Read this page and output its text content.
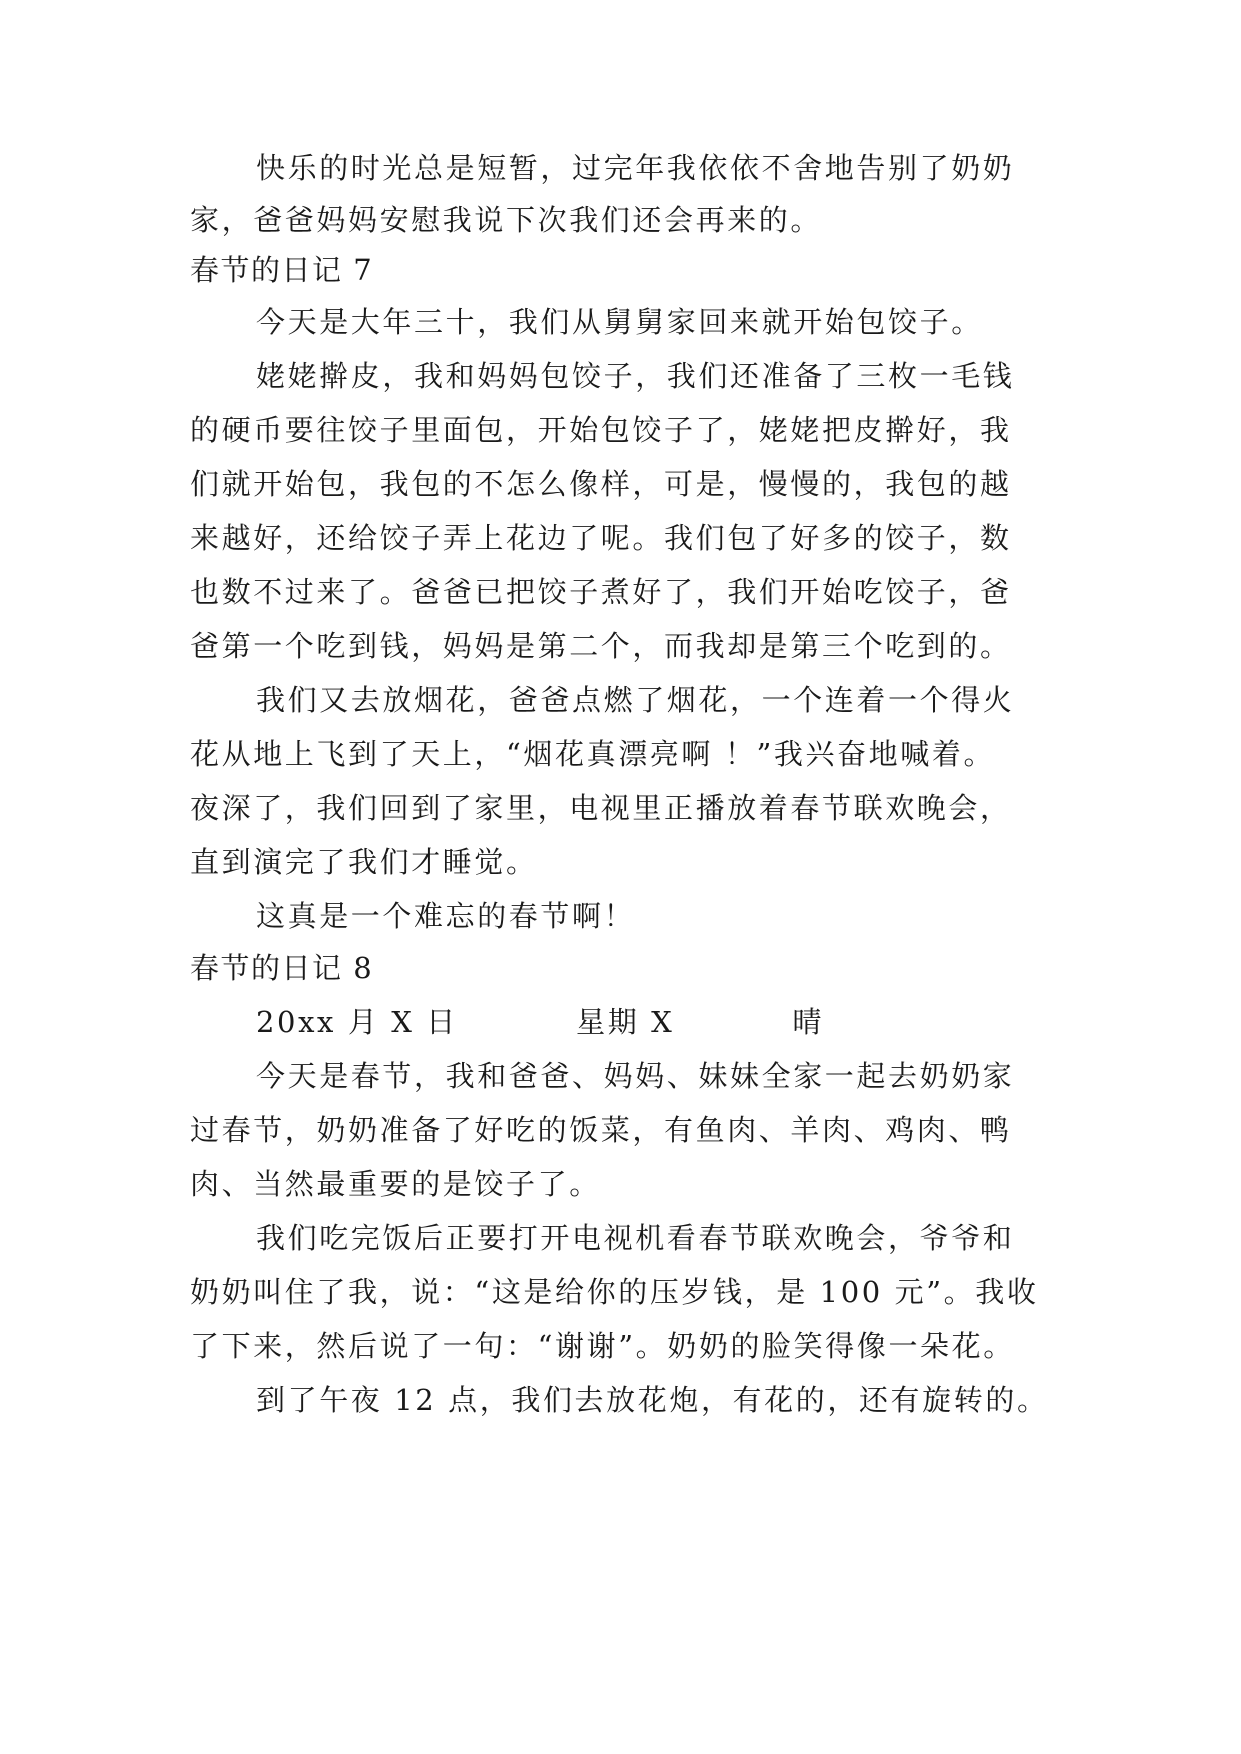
快乐的时光总是短暂，过完年我依依不舍地告别了奶奶
家，爸爸妈妈安慰我说下次我们还会再来的。
春节的日记 7
今天是大年三十，我们从舅舅家回来就开始包饺子。
姥姥擀皮，我和妈妈包饺子，我们还准备了三枚一毛钱
的硬币要往饺子里面包，开始包饺子了，姥姥把皮擀好，我
们就开始包，我包的不怎么像样，可是，慢慢的，我包的越
来越好，还给饺子弄上花边了呢。我们包了好多的饺子，数
也数不过来了。爸爸已把饺子煮好了，我们开始吃饺子，爸
爸第一个吃到钱，妈妈是第二个，而我却是第三个吃到的。
我们又去放烟花，爸爸点燃了烟花，一个连着一个得火
花从地上飞到了天上，“烟花真漂亮啊 ！”我兴奋地喊着。
夜深了，我们回到了家里，电视里正播放着春节联欢晚会，
直到演完了我们才睡觉。
这真是一个难忘的春节啊！
春节的日记 8
20xx 月 X 日          星期 X          晴
今天是春节，我和爸爸、妈妈、妹妹全家一起去奶奶家
过春节，奶奶准备了好吃的饭菜，有鱼肉、羊肉、鸡肉、鸭
肉、当然最重要的是饺子了。
我们吃完饭后正要打开电视机看春节联欢晚会，爷爷和
奶奶叫住了我，说：“这是给你的压岁钱，是 100 元”。我收
了下来，然后说了一句：“谢谢”。奶奶的脸笑得像一朵花。
到了午夜 12 点，我们去放花炮，有花的，还有旋转的。
